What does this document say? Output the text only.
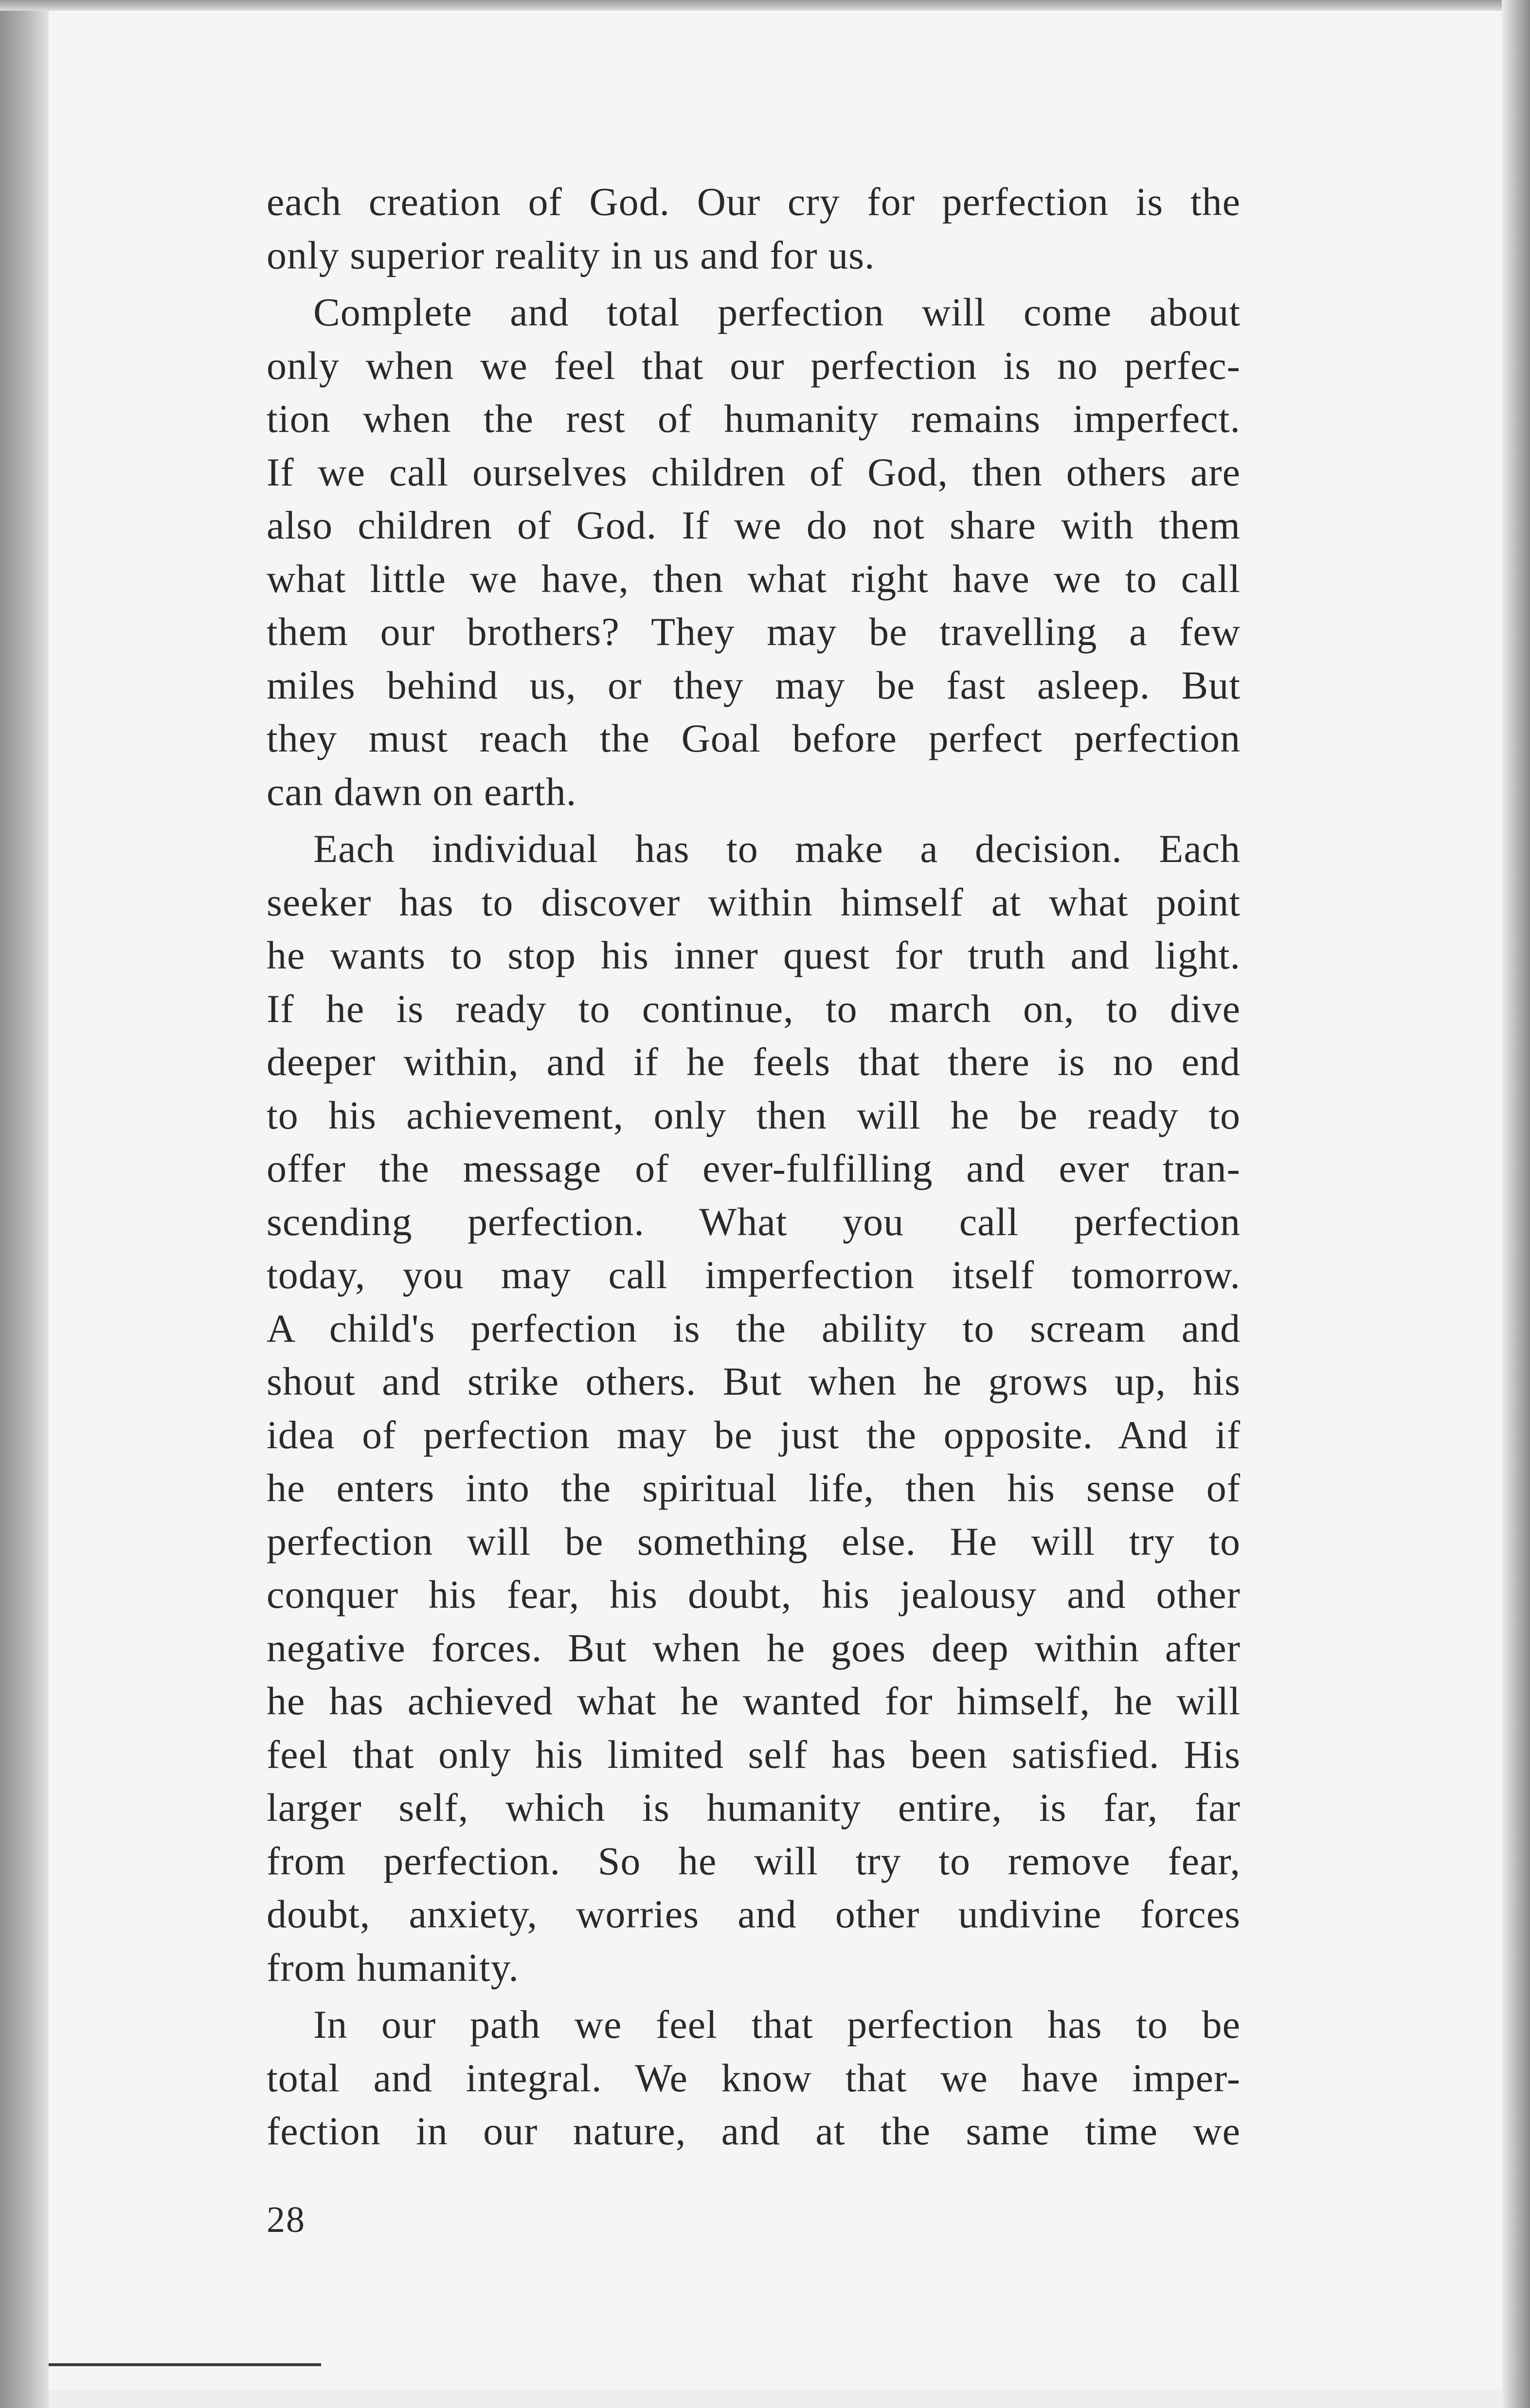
each creation of God. Our cry for perfection is the
only superior reality in us and for us.
Complete and total perfection will come about
only when we feel that our perfection is no perfec-
tion when the rest of humanity remains imperfect.
If we call ourselves children of God, then others are
also children of God. If we do not share with them
what little we have, then what right have we to call
them our brothers? They may be travelling a few
miles behind us, or they may be fast asleep. But
they must reach the Goal before perfect perfection
can dawn on earth.
Each individual has to make a decision. Each
seeker has to discover within himself at what point
he wants to stop his inner quest for truth and light.
If he is ready to continue, to march on, to dive
deeper within, and if he feels that there is no end
to his achievement, only then will he be ready to
offer the message of ever-fulfilling and ever tran-
scending perfection. What you call perfection
today, you may call imperfection itself tomorrow.
A child's perfection is the ability to scream and
shout and strike others. But when he grows up, his
idea of perfection may be just the opposite. And if
he enters into the spiritual life, then his sense of
perfection will be something else. He will try to
conquer his fear, his doubt, his jealousy and other
negative forces. But when he goes deep within after
he has achieved what he wanted for himself, he will
feel that only his limited self has been satisfied. His
larger self, which is humanity entire, is far, far
from perfection. So he will try to remove fear,
doubt, anxiety, worries and other undivine forces
from humanity.
In our path we feel that perfection has to be
total and integral. We know that we have imper-
fection in our nature, and at the same time we
28
